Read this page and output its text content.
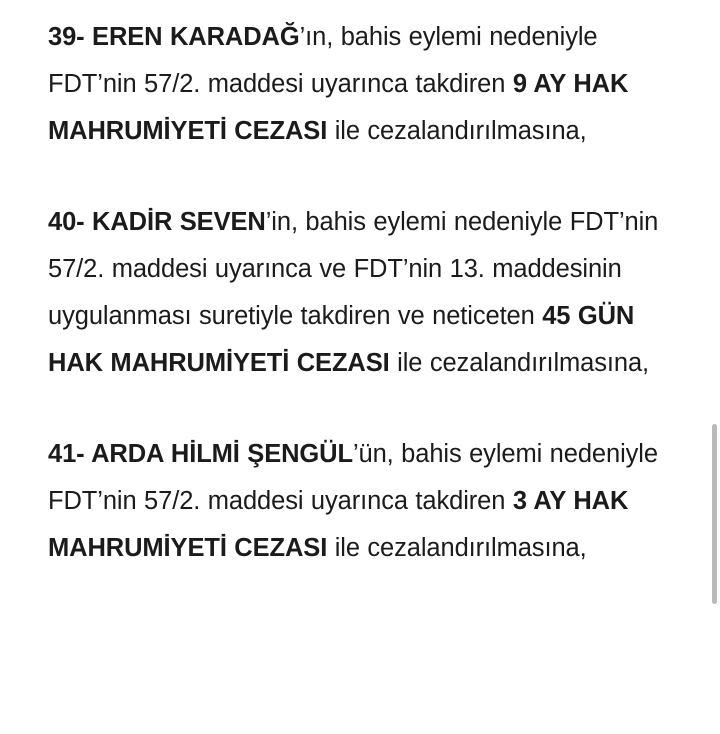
39- EREN KARADAĞ’ın, bahis eylemi nedeniyle FDT’nin 57/2. maddesi uyarınca takdiren 9 AY HAK MAHRUMİYETİ CEZASI ile cezalandırılmasına,
40- KADİR SEVEN’in, bahis eylemi nedeniyle FDT’nin 57/2. maddesi uyarınca ve FDT’nin 13. maddesinin uygulanması suretiyle takdiren ve neticeten 45 GÜN HAK MAHRUMİYETİ CEZASI ile cezalandırılmasına,
41- ARDA HİLMİ ŞENGÜL’ün, bahis eylemi nedeniyle FDT’nin 57/2. maddesi uyarınca takdiren 3 AY HAK MAHRUMİYETİ CEZASI ile cezalandırılmasına,
